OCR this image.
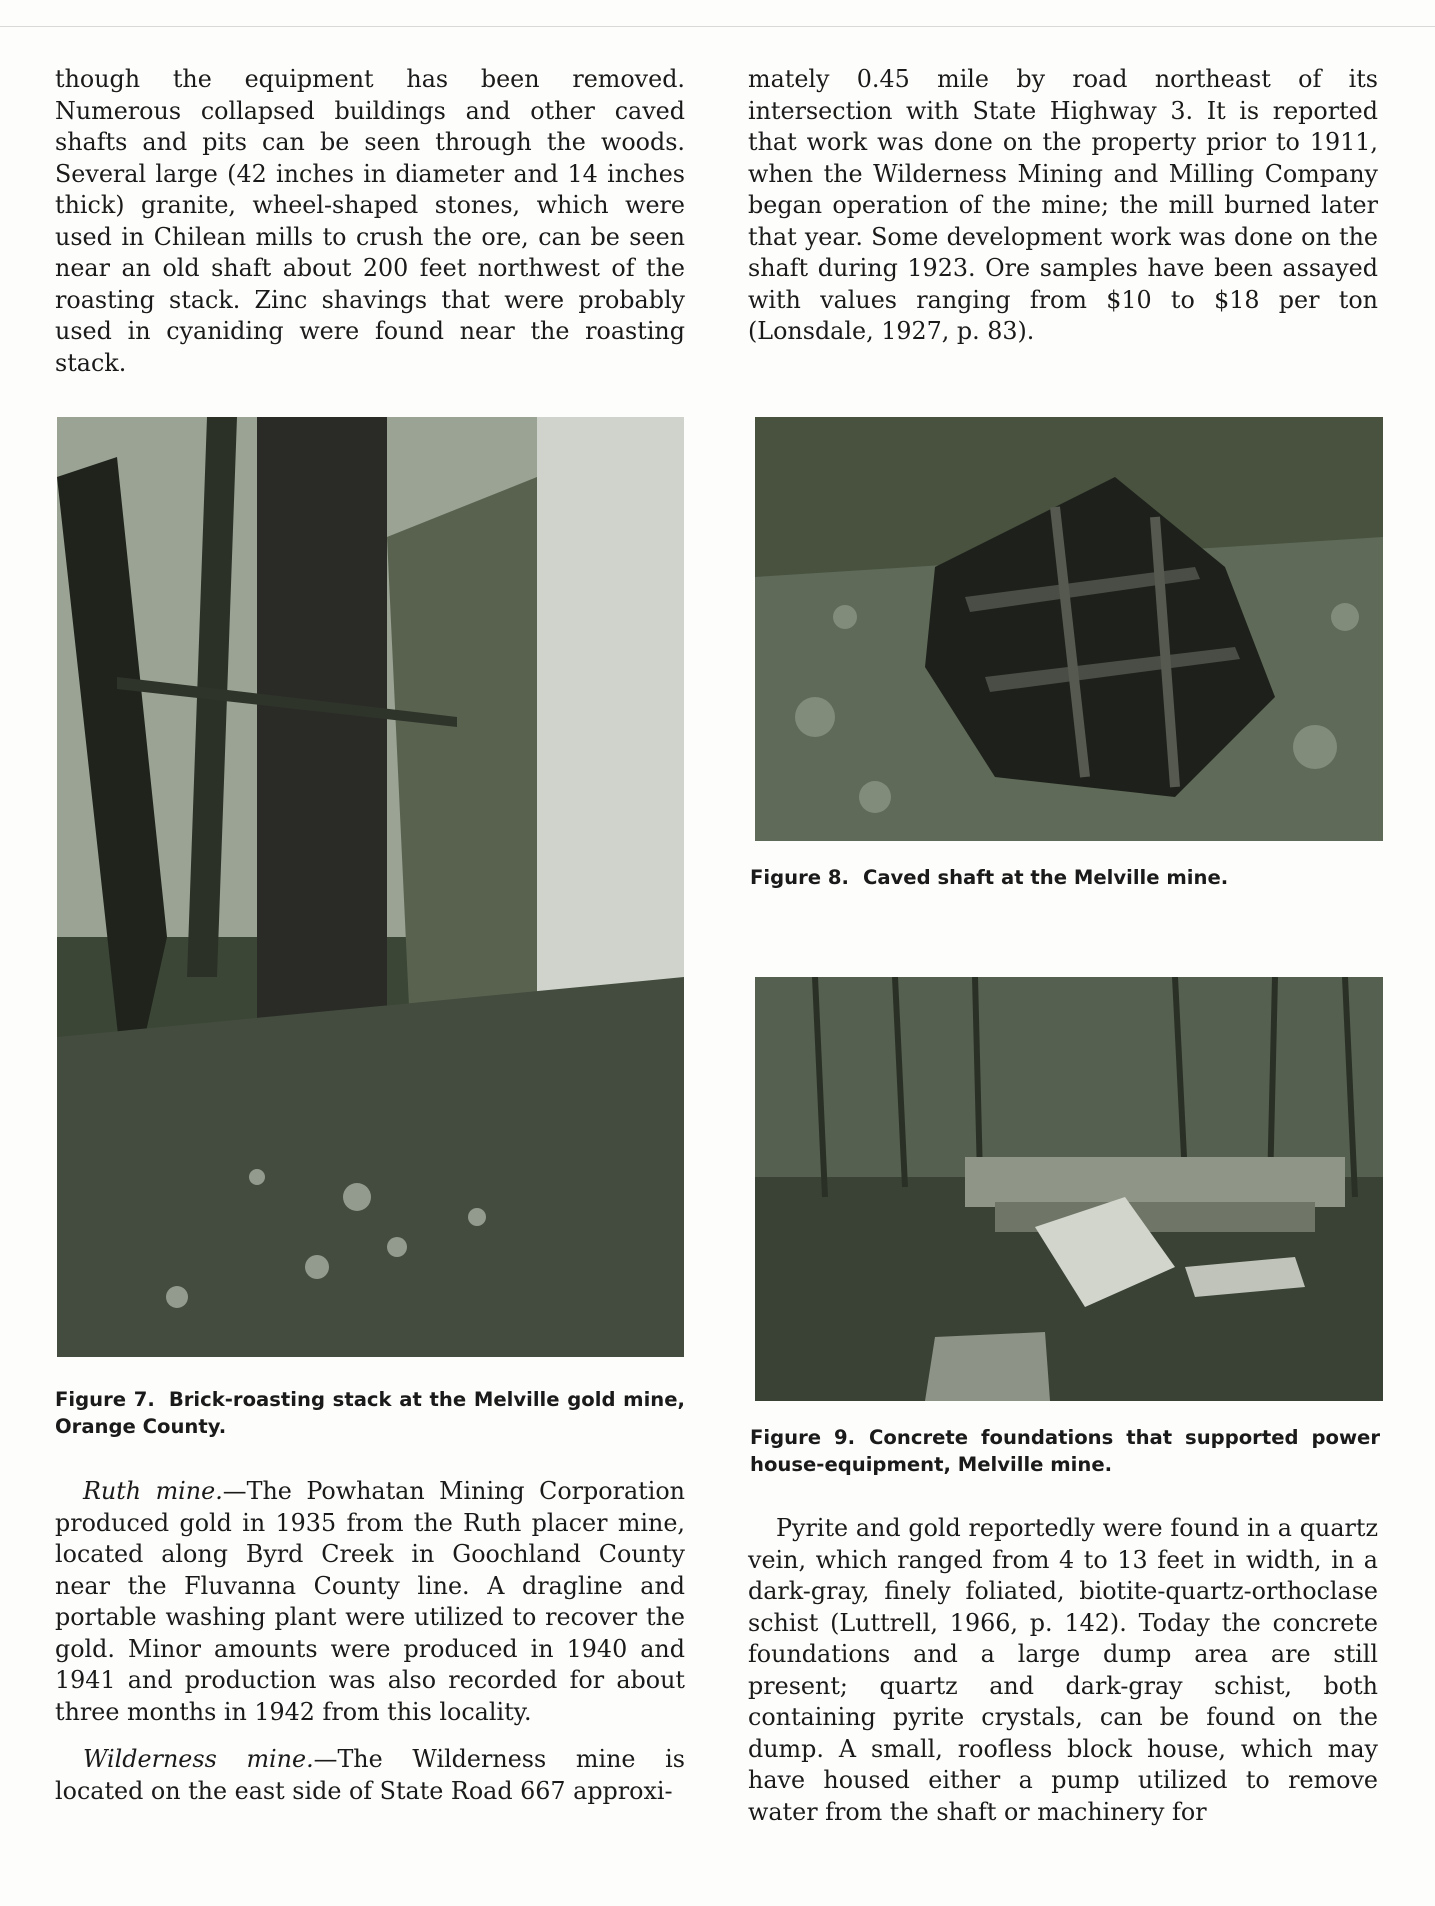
though the equipment has been removed. Numerous collapsed buildings and other caved shafts and pits can be seen through the woods. Several large (42 inches in diameter and 14 inches thick) granite, wheel-shaped stones, which were used in Chilean mills to crush the ore, can be seen near an old shaft about 200 feet northwest of the roasting stack. Zinc shavings that were probably used in cyaniding were found near the roasting stack.

Figure 7. Brick-roasting stack at the Melville gold mine, Orange County.

Ruth mine.—The Powhatan Mining Corporation produced gold in 1935 from the Ruth placer mine, located along Byrd Creek in Goochland County near the Fluvanna County line. A dragline and portable washing plant were utilized to recover the gold. Minor amounts were produced in 1940 and 1941 and production was also recorded for about three months in 1942 from this locality.

Wilderness mine.—The Wilderness mine is located on the east side of State Road 667 approxi-

mately 0.45 mile by road northeast of its intersection with State Highway 3. It is reported that work was done on the property prior to 1911, when the Wilderness Mining and Milling Company began operation of the mine; the mill burned later that year. Some development work was done on the shaft during 1923. Ore samples have been assayed with values ranging from $10 to $18 per ton (Lonsdale, 1927, p. 83).

Figure 8. Caved shaft at the Melville mine.
Figure 9. Concrete foundations that supported power house-equipment, Melville mine.

Pyrite and gold reportedly were found in a quartz vein, which ranged from 4 to 13 feet in width, in a dark-gray, finely foliated, biotite-quartz-orthoclase schist (Luttrell, 1966, p. 142). Today the concrete foundations and a large dump area are still present; quartz and dark-gray schist, both containing pyrite crystals, can be found on the dump. A small, roofless block house, which may have housed either a pump utilized to remove water from the shaft or machinery for
